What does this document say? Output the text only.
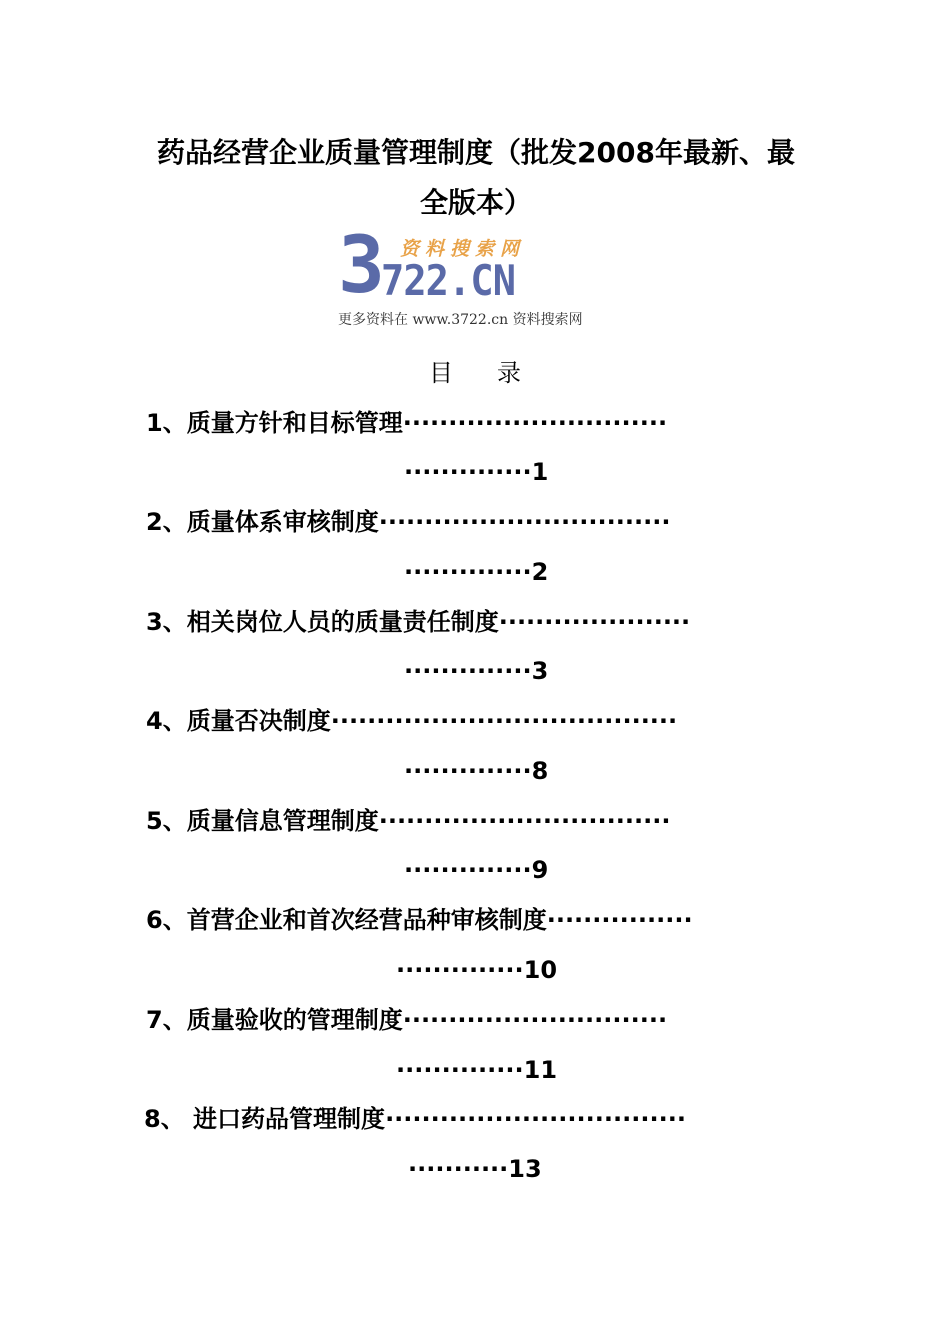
药品经营企业质量管理制度（批发2008年最新、最
全版本）
3722.CN
资料搜索网
更多资料在 www.3722.cn 资料搜索网
目 录
1、质量方针和目标管理·····························
··············1
2、质量体系审核制度································
··············2
3、相关岗位人员的质量责任制度·····················
··············3
4、质量否决制度······································
··············8
5、质量信息管理制度································
··············9
6、首营企业和首次经营品种审核制度················
··············10
7、质量验收的管理制度·····························
··············11
8、 进口药品管理制度·································
···········13
